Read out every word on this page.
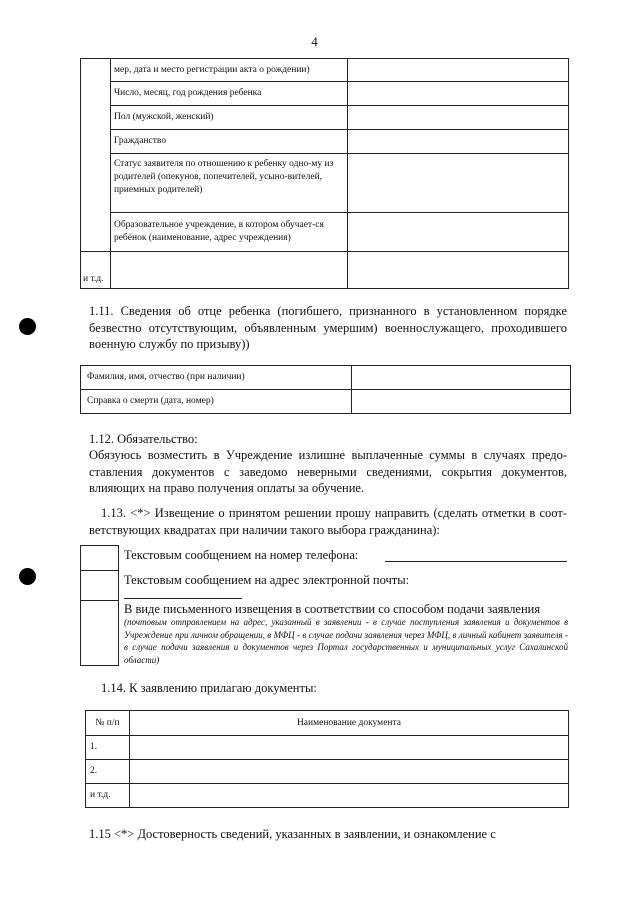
4
	мер, дата и место регистрации акта о рождении)	
	Число, месяц, год рождения ребенка	
	Пол (мужской, женский)	
	Гражданство	
	Статус заявителя по отношению к ребенку одно-му из родителей (опекунов, попечителей, усыно-вителей, приемных родителей)	
	Образовательное учреждение, в котором обучает-ся ребёнок (наименование, адрес учреждения)	
и т.д.		
1.11. Сведения об отце ребенка (погибшего, признанного в установленном порядке безвестно отсутствующим, объявленным умершим) военнослужащего, проходившего военную службу по призыву))
Фамилия, имя, отчество (при наличии)	
Справка о смерти (дата, номер)	
1.12. Обязательство:
Обязуюсь возместить в Учреждение излишне выплаченные суммы в случаях предо-ставления документов с заведомо неверными сведениями, сокрытия документов, влияющих на право получения оплаты за обучение.
1.13. <*> Извещение о принятом решении прошу направить (сделать отметки в соот-ветствующих квадратах при наличии такого выбора гражданина):
Текстовым сообщением на номер телефона:
Текстовым сообщением на адрес электронной почты:
В виде письменного извещения в соответствии со способом подачи заявления
(почтовым отправлением на адрес, указанный в заявлении - в случае поступления заявления и документов в Учреждение при личном обращении, в МФЦ - в случае подачи заявления через МФЦ, в личный кабинет заявителя - в случае подачи заявления и документов через Портал государственных и муниципальных услуг Сахалинской области)
1.14. К заявлению прилагаю документы:
№ п/п	Наименование документа
1.	
2.	
и т.д.	
1.15 <*> Достоверность сведений, указанных в заявлении, и ознакомление с
